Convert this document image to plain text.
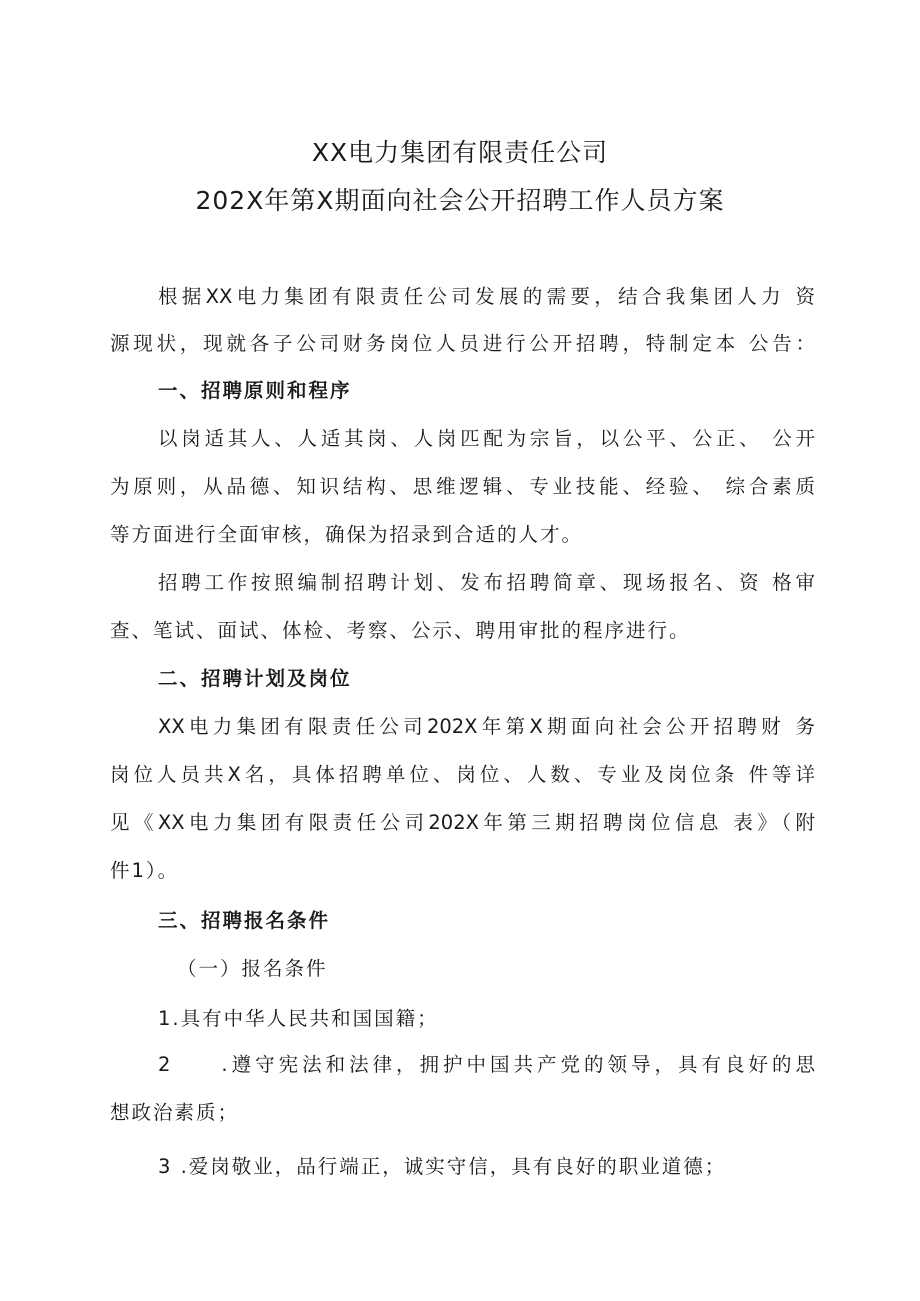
XX电力集团有限责任公司
202X年第X期面向社会公开招聘工作人员方案
根据XX电力集团有限责任公司发展的需要，结合我集团人力 资
源现状，现就各子公司财务岗位人员进行公开招聘，特制定本 公告：
一、招聘原则和程序
以岗适其人、人适其岗、人岗匹配为宗旨，以公平、公正、 公开
为原则，从品德、知识结构、思维逻辑、专业技能、经验、 综合素质
等方面进行全面审核，确保为招录到合适的人才。
招聘工作按照编制招聘计划、发布招聘简章、现场报名、资 格审
查、笔试、面试、体检、考察、公示、聘用审批的程序进行。
二、招聘计划及岗位
XX电力集团有限责任公司202X年第X期面向社会公开招聘财 务
岗位人员共X名，具体招聘单位、岗位、人数、专业及岗位条 件等详
见《XX电力集团有限责任公司202X年第三期招聘岗位信息 表》（附
件1）。
三、招聘报名条件
（一）报名条件
1.具有中华人民共和国国籍；
2　　.遵守宪法和法律，拥护中国共产党的领导，具有良好的思
想政治素质；
3 .爱岗敬业，品行端正，诚实守信，具有良好的职业道德；
